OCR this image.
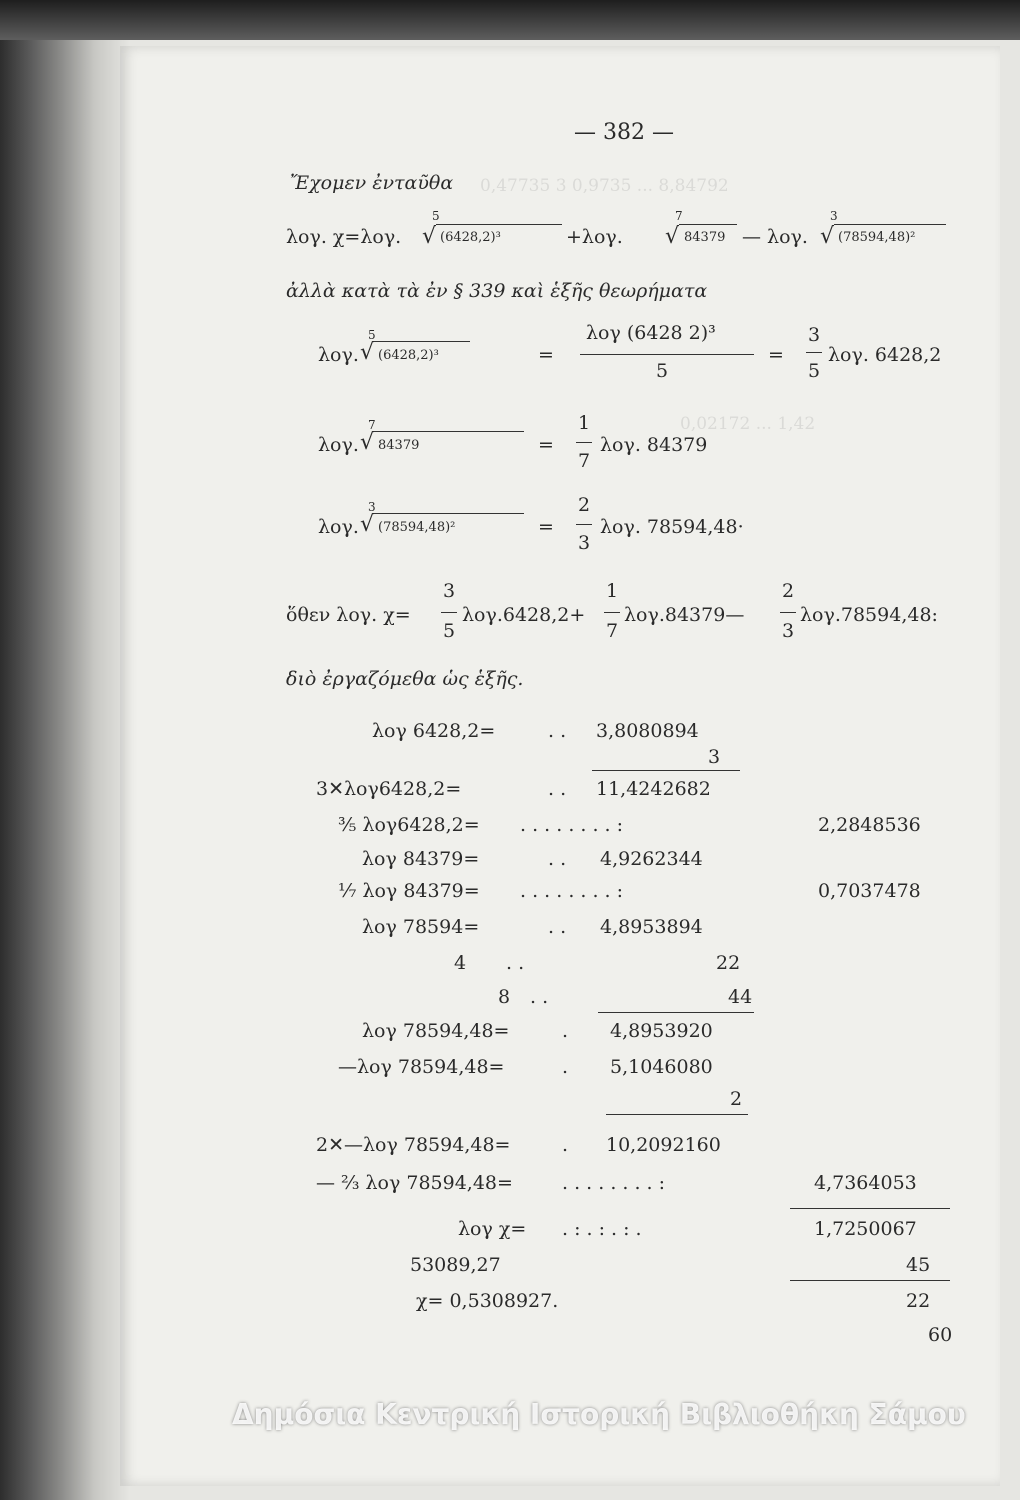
0,47735 3 0,9735 ... 8,84792
0,02172 ... 1,42
— 382 —
Ἔχομεν ἐνταῦθα
λογ. χ=λογ.
5
√ (6428,2)³	+λογ.
7
√ 84379 — λογ.
3
√ (78594,48)²
ἀλλὰ κατὰ τὰ ἐν § 339 καὶ ἑξῆς θεωρήματα
λογ.
5
√ (6428,2)³	=
λογ (6428 2)³
5
=
3
5
λογ. 6428,2
λογ.
7
√ 84379	=
1
7
λογ. 84379
λογ.
3
√ (78594,48)²	=
2
3
λογ. 78594,48·
ὅθεν λογ. χ=
3
5
λογ.6428,2+
1
7
λογ.84379—
2
3
λογ.78594,48:
διὸ ἐργαζόμεθα ὡς ἑξῆς.
λογ 6428,2=	. . 3,8080894
3
3✕λογ6428,2=	. . 11,4242682
³⁄₅ λογ6428,2= . . . . . . . . :	2,2848536
λογ 84379=	. . 4,9262344
¹⁄₇ λογ 84379= . . . . . . . . :	0,7037478
λογ 78594=	. . 4,8953894
4 . .	22
8 . .	44
λογ 78594,48=	. 4,8953920
—λογ 78594,48=	. 5,1046080
2
2✕—λογ 78594,48=	. 10,2092160
— ²⁄₃ λογ 78594,48=	. . . . . . . . :	4,7364053
λογ χ= . : . : . : .	1,7250067
53089,27	45
χ= 0,5308927.	22
60
Δημόσια Κεντρική Ιστορική Βιβλιοθήκη Σάμου
